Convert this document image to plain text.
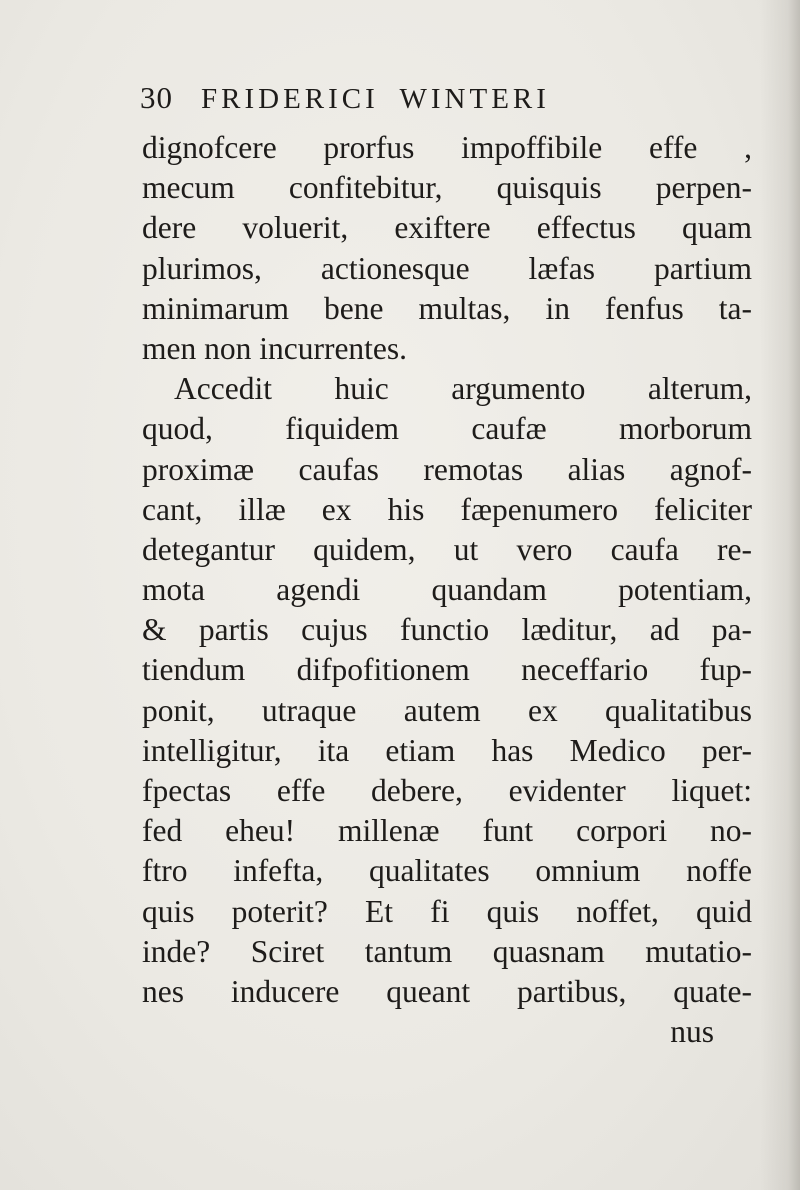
30 FRIDERICI WINTERI
dignofcere prorfus impoffibile effe ,
mecum confitebitur, quisquis perpen-
dere voluerit, exiftere effectus quam
plurimos, actionesque læfas partium
minimarum bene multas, in fenfus ta-
men non incurrentes.
Accedit huic argumento alterum,
quod, fiquidem caufæ morborum
proximæ caufas remotas alias agnof-
cant, illæ ex his fæpenumero feliciter
detegantur quidem, ut vero caufa re-
mota agendi quandam potentiam,
& partis cujus functio læditur, ad pa-
tiendum difpofitionem neceffario fup-
ponit, utraque autem ex qualitatibus
intelligitur, ita etiam has Medico per-
fpectas effe debere, evidenter liquet:
fed eheu! millenæ funt corpori no-
ftro infefta, qualitates omnium noffe
quis poterit? Et fi quis noffet, quid
inde? Sciret tantum quasnam mutatio-
nes inducere queant partibus, quate-
nus
